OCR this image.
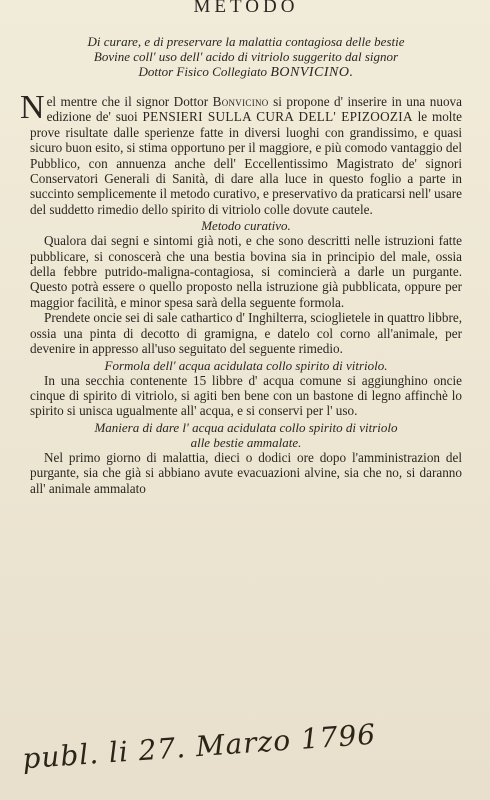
METODO
Di curare, e di preservare la malattia contagiosa delle bestie
Bovine coll' uso dell' acido di vitriolo suggerito dal signor
Dottor Fisico Collegiato BONVICINO.

Nel mentre che il signor Dottor Bonvicino si propone d' inserire in una nuova edizione de' suoi PENSIERI SULLA CURA DELL' EPIZOOZIA le molte prove risultate dalle sperienze fatte in diversi luoghi con grandissimo, e quasi sicuro buon esito, si stima opportuno per il maggiore, e più comodo vantaggio del Pubblico, con annuenza anche dell' Eccellentissimo Magistrato de' signori Conservatori Generali di Sanità, di dare alla luce in questo foglio a parte in succinto semplicemente il metodo curativo, e preservativo da praticarsi nell' usare del suddetto rimedio dello spirito di vitriolo colle dovute cautele.

Metodo curativo.

Qualora dai segni e sintomi già noti, e che sono descritti nelle istruzioni fatte pubblicare, si conoscerà che una bestia bovina sia in principio del male, ossia della febbre putrido-maligna-contagiosa, si comincierà a darle un purgante. Questo potrà essere o quello proposto nella istruzione già pubblicata, oppure per maggior facilità, e minor spesa sarà della seguente formola.

Prendete oncie sei di sale cathartico d' Inghilterra, scioglietele in quattro libbre, ossia una pinta di decotto di gramigna, e datelo col corno all'animale, per devenire in appresso all'uso seguitato del seguente rimedio.

Formola dell' acqua acidulata collo spirito di vitriolo.

In una secchia contenente 15 libbre d' acqua comune si aggiunghino oncie cinque di spirito di vitriolo, si agiti ben bene con un bastone di legno affinchè lo spirito si unisca ugualmente all' acqua, e si conservi per l' uso.

Maniera di dare l' acqua acidulata collo spirito di vitriolo
alle bestie ammalate.

Nel primo giorno di malattia, dieci o dodici ore dopo l'amministrazion del purgante, sia che già si abbiano avute evacuazioni alvine, sia che no, si daranno all' animale ammalato

publ. li 27. Marzo 1796
